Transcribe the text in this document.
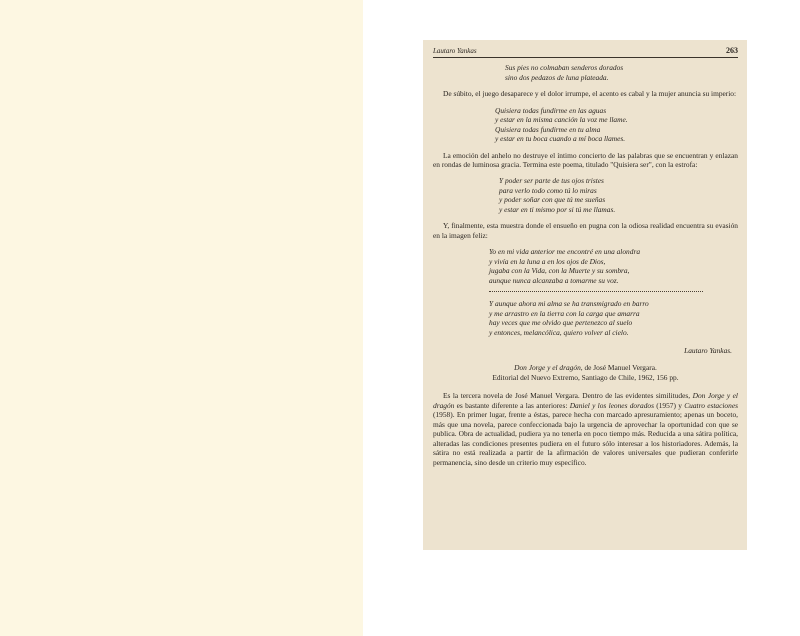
Lautaro Yankas	263
Sus pies no colmaban senderos dorados
sino dos pedazos de luna plateada.

De súbito, el juego desaparece y el dolor irrumpe, el acento es cabal y la mujer anuncia su imperio:

Quisiera todas fundirme en las aguas
y estar en la misma canción la voz me llame.
Quisiera todas fundirme en tu alma
y estar en tu boca cuando a mí boca llames.

La emoción del anhelo no destruye el íntimo concierto de las palabras que se encuentran y enlazan en rondas de luminosa gracia. Termina este poema, titulado "Quisiera ser", con la estrofa:

Y poder ser parte de tus ojos tristes
para verlo todo como tú lo miras
y poder soñar con que tú me sueñas
y estar en ti mismo por si tú me llamas.

Y, finalmente, esta muestra donde el ensueño en pugna con la odiosa realidad encuentra su evasión en la imagen feliz:

Yo en mi vida anterior me encontré en una alondra
y vivía en la luna a en los ojos de Dios,
jugaba con la Vida, con la Muerte y su sombra,
aunque nunca alcanzaba a tomarme su voz.
Y aunque ahora mi alma se ha transmigrado en barro
y me arrastro en la tierra con la carga que amarra
hay veces que me olvido que pertenezco al suelo
y entonces, melancólica, quiero volver al cielo.
Lautaro Yankas.
Don Jorge y el dragón, de José Manuel Vergara.
Editorial del Nuevo Extremo, Santiago de Chile, 1962, 156 pp.

Es la tercera novela de José Manuel Vergara. Dentro de las evidentes similitudes, Don Jorge y el dragón es bastante diferente a las anteriores: Daniel y los leones dorados (1957) y Cuatro estaciones (1958). En primer lugar, frente a éstas, parece hecha con marcado apresuramiento; apenas un boceto, más que una novela, parece confeccionada bajo la urgencia de aprovechar la oportunidad con que se publica. Obra de actualidad, pudiera ya no tenerla en poco tiempo más. Reducida a una sátira política, alteradas las condiciones presentes pudiera en el futuro sólo interesar a los historiadores. Además, la sátira no está realizada a partir de la afirmación de valores universales que pudieran conferirle permanencia, sino desde un criterio muy específico.
